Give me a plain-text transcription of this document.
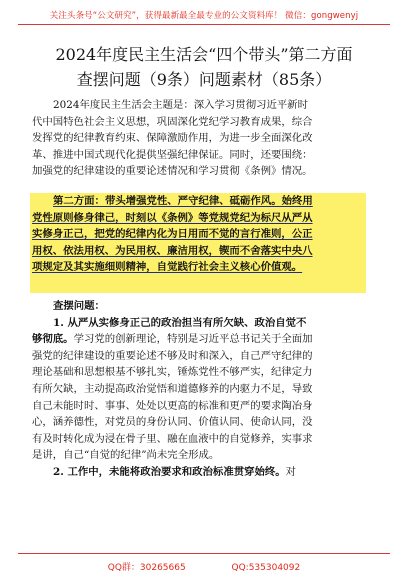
关注头条号“公文研究”，获得最新最全最专业的公文资料库！ 微信：gongwenyj
2024年度民主生活会“四个带头”第二方面
查摆问题（9条）问题素材（85条）
2024年度民主生活会主题是：深入学习贯彻习近平新时
代中国特色社会主义思想，巩固深化党纪学习教育成果，综合
发挥党的纪律教育约束、保障激励作用，为进一步全面深化改
革、推进中国式现代化提供坚强纪律保证。同时，还要围绕：
加强党的纪律建设的重要论述情况和学习贯彻《条例》情况。
第二方面：带头增强党性、严守纪律、砥砺作风。始终用
党性原则修身律己，时刻以《条例》等党规党纪为标尺从严从
实修身正己，把党的纪律内化为日用而不觉的言行准则，公正
用权、依法用权、为民用权、廉洁用权，锲而不舍落实中央八
项规定及其实施细则精神，自觉践行社会主义核心价值观。
查摆问题：
1. 从严从实修身正己的政治担当有所欠缺、政治自觉不
够彻底。学习党的创新理论，特别是习近平总书记关于全面加
强党的纪律建设的重要论述不够及时和深入，自己严守纪律的
理论基础和思想根基不够扎实，锤炼党性不够严实，纪律定力
有所欠缺，主动提高政治觉悟和道德修养的内驱力不足，导致
自己未能时时、事事、处处以更高的标准和更严的要求陶冶身
心，涵养德性，对党员的身份认同、价值认同、使命认同，没
有及时转化成为浸在骨子里、融在血液中的自觉修养，实事求
是讲，自己“自觉的纪律”尚未完全形成。
2. 工作中，未能将政治要求和政治标准贯穿始终。对
QQ群：30265665	QQ:535304092
